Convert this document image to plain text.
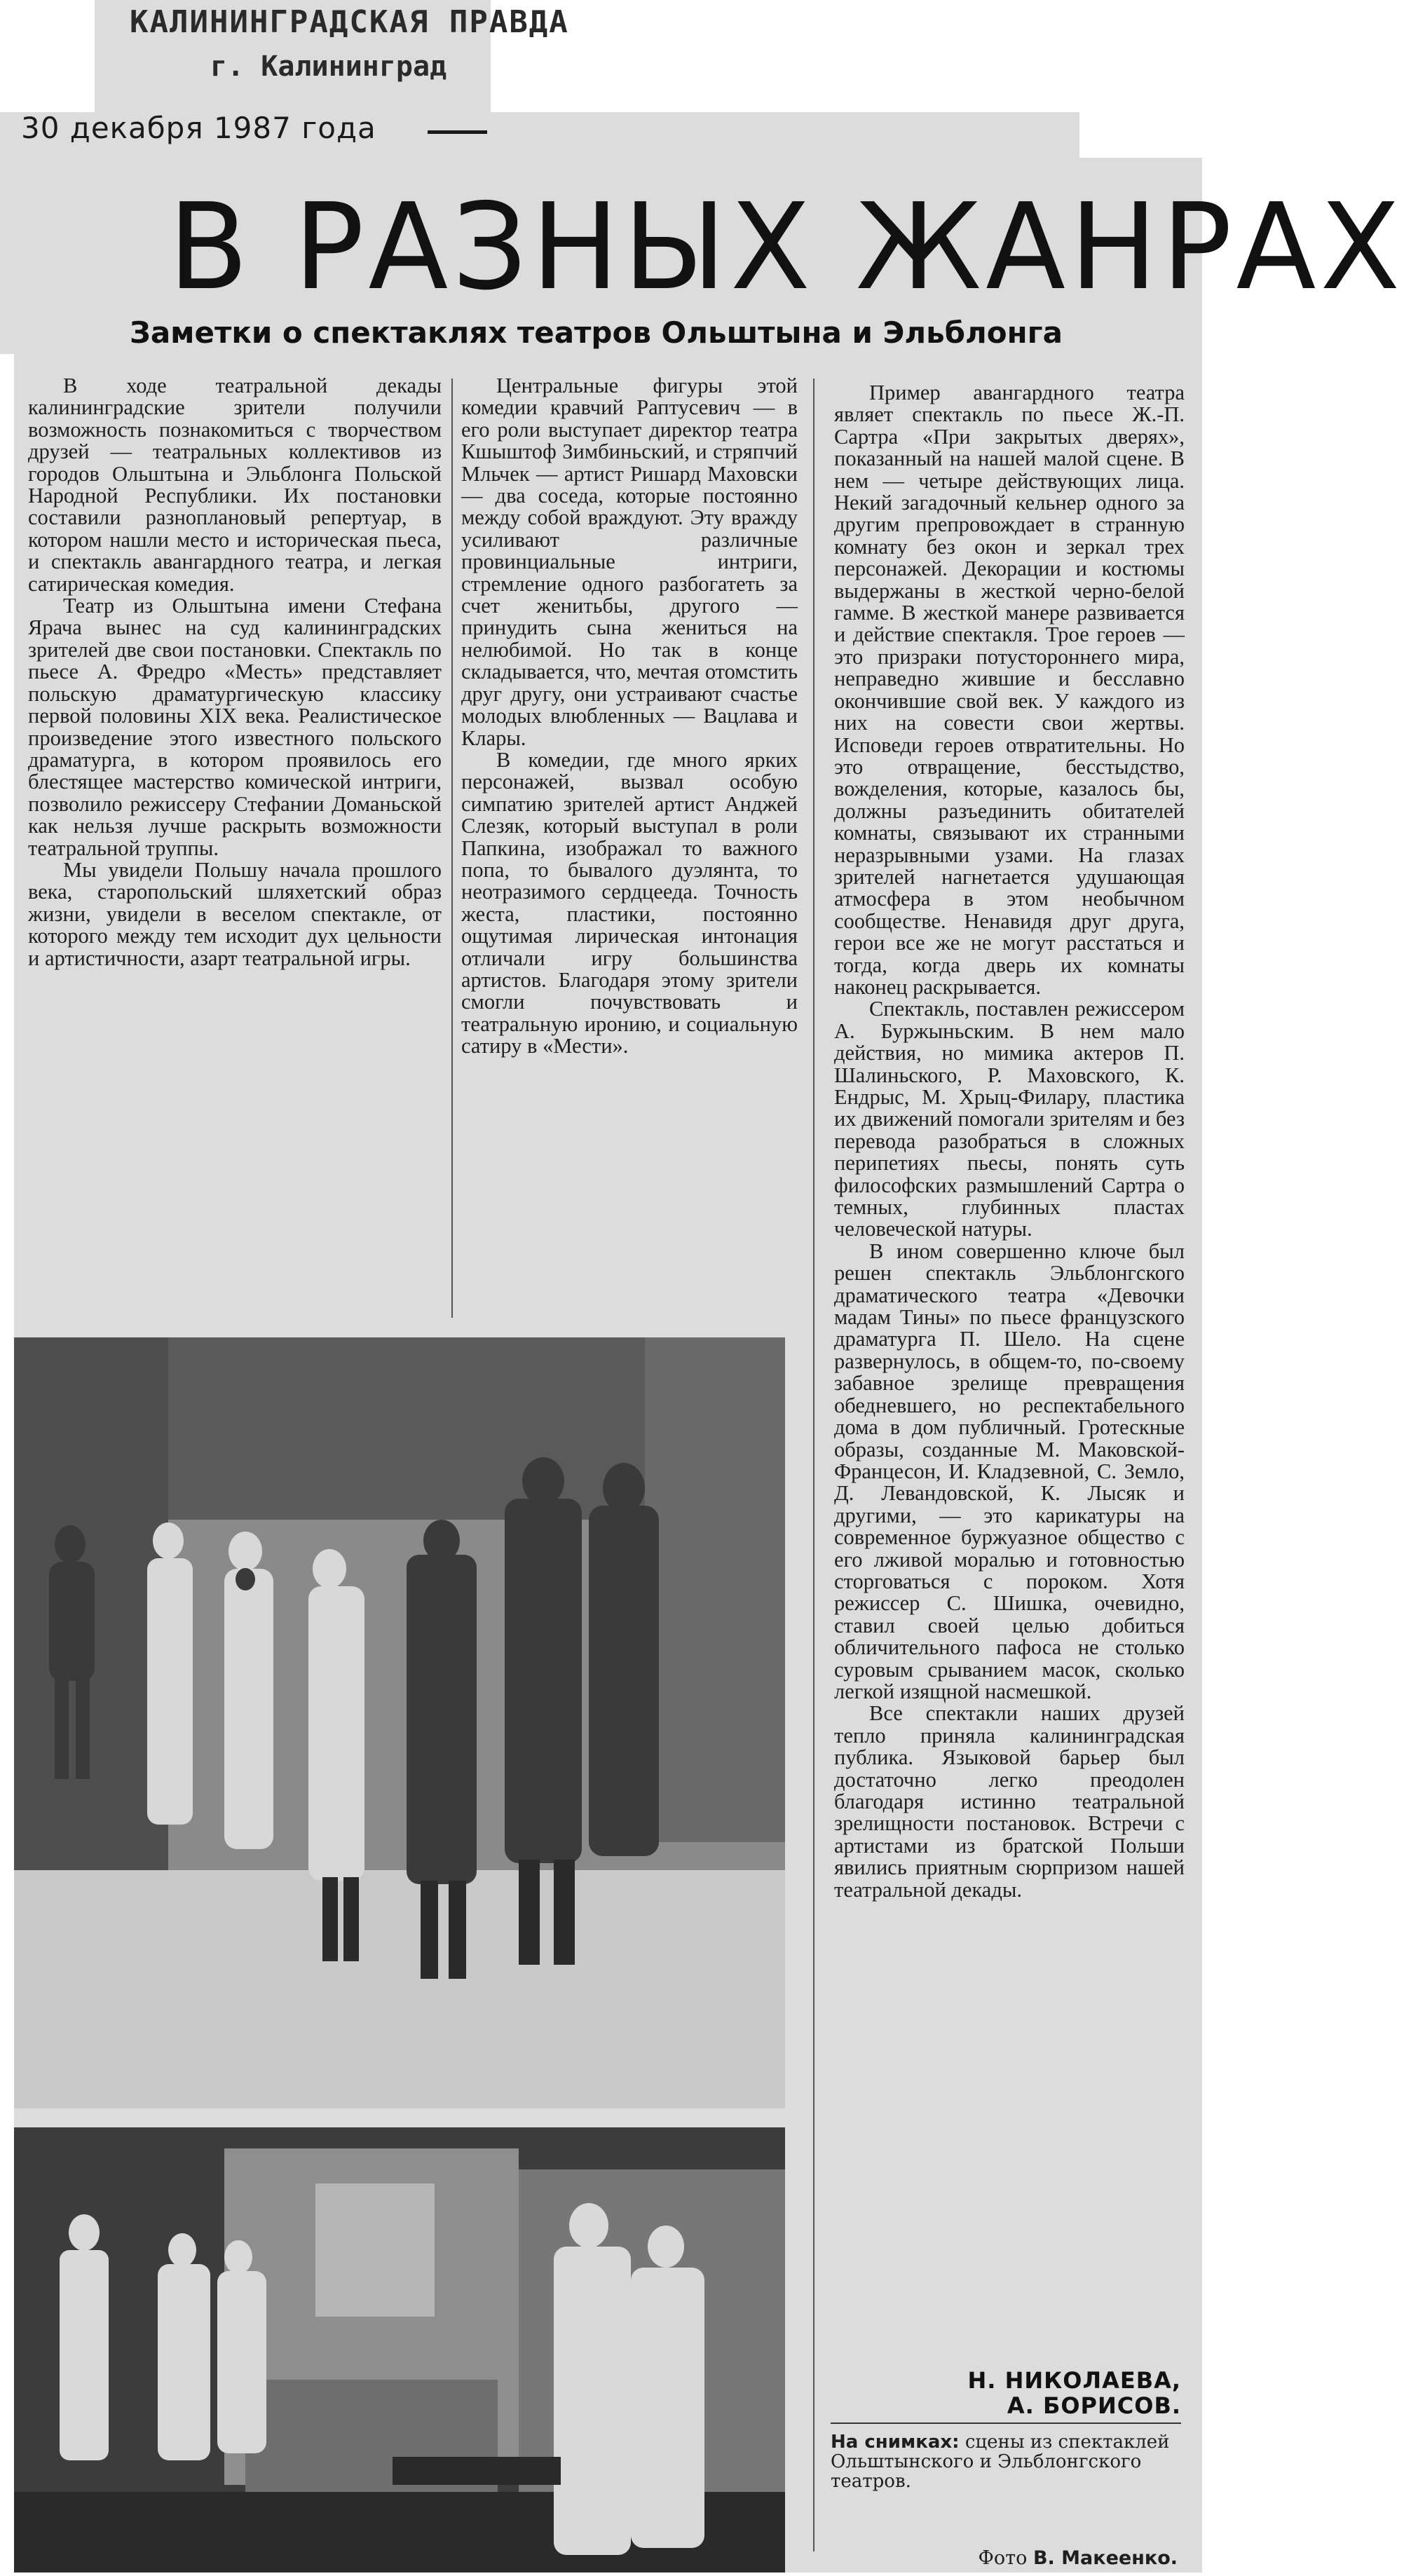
КАЛИНИНГРАДСКАЯ ПРАВДА
г. Калининград
30 декабря 1987 года
В РАЗНЫХ ЖАНРАХ
Заметки о спектаклях театров Ольштына и Эльблонга

В ходе театральной декады калининградские зрители получили возможность познакомиться с творчеством друзей — театральных коллективов из городов Ольштына и Эльблонга Польской Народной Республики. Их постановки составили разноплановый репертуар, в котором нашли место и историческая пьеса, и спектакль авангардного театра, и легкая сатирическая комедия.

Театр из Ольштына имени Стефана Ярача вынес на суд калининградских зрителей две свои постановки. Спектакль по пьесе А. Фредро «Месть» представляет польскую драматургическую классику первой половины XIX века. Реалистическое произведение этого известного польского драматурга, в котором проявилось его блестящее мастерство комической интриги, позволило режиссеру Стефании Доманьской как нельзя лучше раскрыть возможности театральной труппы.

Мы увидели Польшу начала прошлого века, старопольский шляхетский образ жизни, увидели в веселом спектакле, от которого между тем исходит дух цельности и артистичности, азарт театральной игры.

Центральные фигуры этой комедии кравчий Раптусевич — в его роли выступает директор театра Кшыштоф Зимбиньский, и стряпчий Мльчек — артист Ришард Маховски — два соседа, которые постоянно между собой враждуют. Эту вражду усиливают различные провинциальные интриги, стремление одного разбогатеть за счет женитьбы, другого — принудить сына жениться на нелюбимой. Но так в конце складывается, что, мечтая отомстить друг другу, они устраивают счастье молодых влюбленных — Вацлава и Клары.

В комедии, где много ярких персонажей, вызвал особую симпатию зрителей артист Анджей Слезяк, который выступал в роли Папкина, изображал то важного попа, то бывалого дуэлянта, то неотразимого сердцееда. Точность жеста, пластики, постоянно ощутимая лирическая интонация отличали игру большинства артистов. Благодаря этому зрители смогли почувствовать и театральную иронию, и социальную сатиру в «Мести».

Пример авангардного театра являет спектакль по пьесе Ж.-П. Сартра «При закрытых дверях», показанный на нашей малой сцене. В нем — четыре действующих лица. Некий загадочный кельнер одного за другим препровождает в странную комнату без окон и зеркал трех персонажей. Декорации и костюмы выдержаны в жесткой черно-белой гамме. В жесткой манере развивается и действие спектакля. Трое героев — это призраки потустороннего мира, неправедно жившие и бесславно окончившие свой век. У каждого из них на совести свои жертвы. Исповеди героев отвратительны. Но это отвращение, бесстыдство, вожделения, которые, казалось бы, должны разъединить обитателей комнаты, связывают их странными неразрывными узами. На глазах зрителей нагнетается удушающая атмосфера в этом необычном сообществе. Ненавидя друг друга, герои все же не могут расстаться и тогда, когда дверь их комнаты наконец раскрывается.

Спектакль, поставлен режиссером А. Буржыньским. В нем мало действия, но мимика актеров П. Шалиньского, Р. Маховского, К. Ендрыс, М. Хрыц-Филару, пластика их движений помогали зрителям и без перевода разобраться в сложных перипетиях пьесы, понять суть философских размышлений Сартра о темных, глубинных пластах человеческой натуры.

В ином совершенно ключе был решен спектакль Эльблонгского драматического театра «Девочки мадам Тины» по пьесе французского драматурга П. Шело. На сцене развернулось, в общем-то, по-своему забавное зрелище превращения обедневшего, но респектабельного дома в дом публичный. Гротескные образы, созданные М. Маковской-Францесон, И. Кладзевной, С. Земло, Д. Левандовской, К. Лысяк и другими, — это карикатуры на современное буржуазное общество с его лживой моралью и готовностью сторговаться с пороком. Хотя режиссер С. Шишка, очевидно, ставил своей целью добиться обличительного пафоса не столько суровым срыванием масок, сколько легкой изящной насмешкой.

Все спектакли наших друзей тепло приняла калининградская публика. Языковой барьер был достаточно легко преодолен благодаря истинно театральной зрелищности постановок. Встречи с артистами из братской Польши явились приятным сюрпризом нашей театральной декады.

Н. НИКОЛАЕВА,
А. БОРИСОВ.
На снимках: сцены из спектаклей Ольштынского и Эльблонгского театров.
Фото В. Макеенко.
